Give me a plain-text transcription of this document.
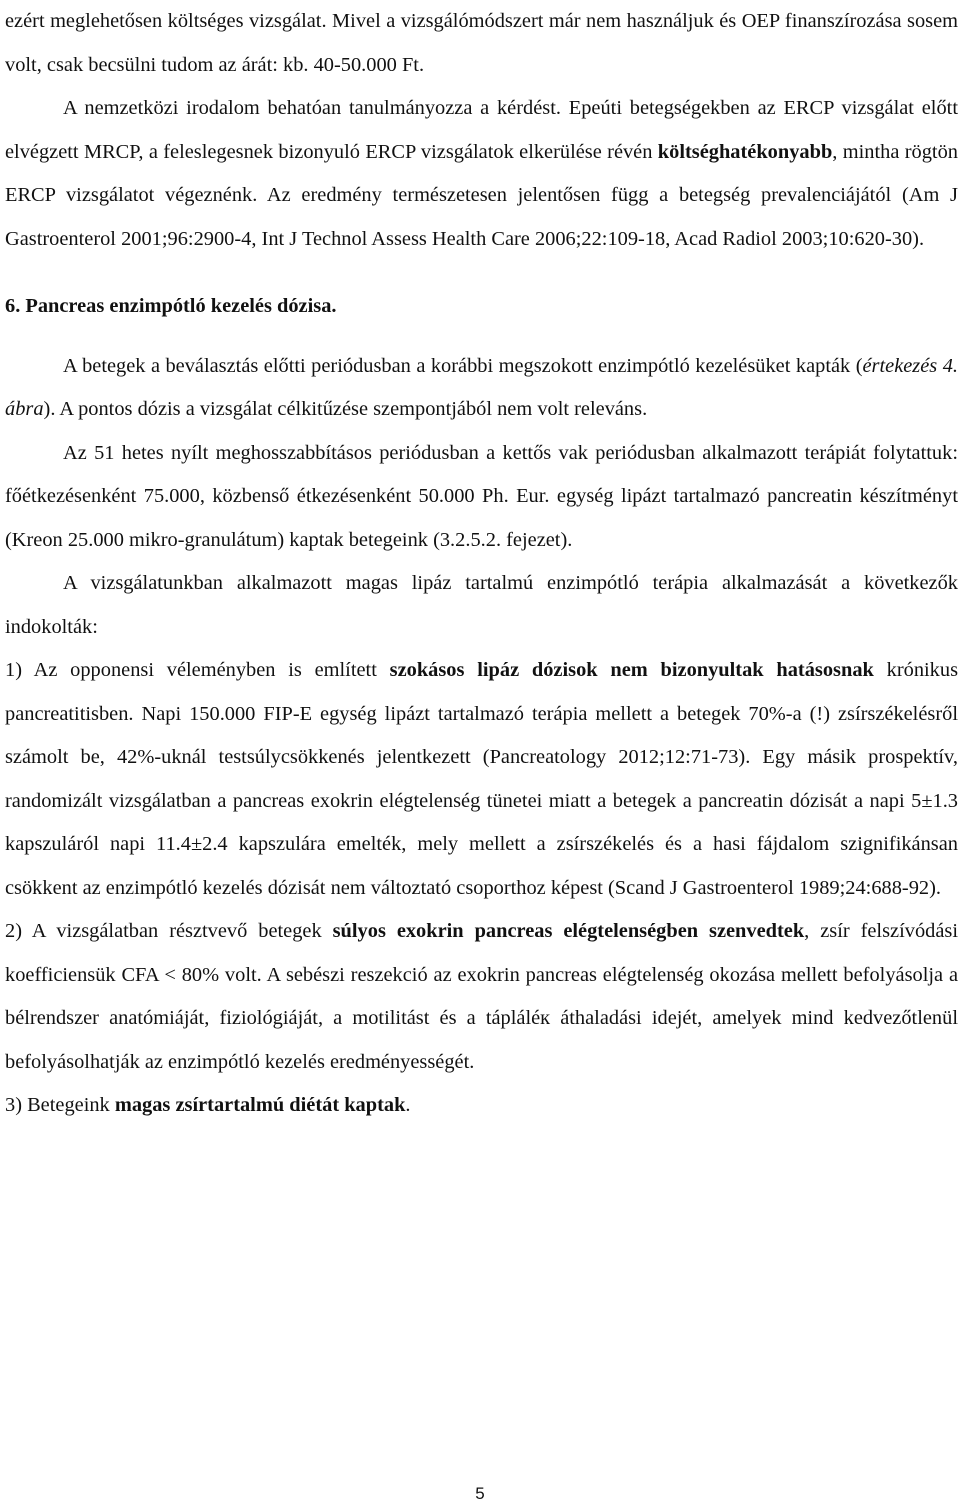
ezért meglehetősen költséges vizsgálat. Mivel a vizsgálómódszert már nem használjuk és OEP finanszírozása sosem volt, csak becsülni tudom az árát: kb. 40-50.000 Ft.

A nemzetközi irodalom behatóan tanulmányozza a kérdést. Epeúti betegségekben az ERCP vizsgálat előtt elvégzett MRCP, a feleslegesnek bizonyuló ERCP vizsgálatok elkerülése révén költséghatékonyabb, mintha rögtön ERCP vizsgálatot végeznénk. Az eredmény természetesen jelentősen függ a betegség prevalenciájától (Am J Gastroenterol 2001;96:2900-4, Int J Technol Assess Health Care 2006;22:109-18, Acad Radiol 2003;10:620-30).

6. Pancreas enzimpótló kezelés dózisa.

A betegek a beválasztás előtti periódusban a korábbi megszokott enzimpótló kezelésüket kapták (értekezés 4. ábra). A pontos dózis a vizsgálat célkitűzése szempontjából nem volt releváns.

Az 51 hetes nyílt meghosszabbításos periódusban a kettős vak periódusban alkalmazott terápiát folytattuk: főétkezésenként 75.000, közbenső étkezésenként 50.000 Ph. Eur. egység lipázt tartalmazó pancreatin készítményt (Kreon 25.000 mikro-granulátum) kaptak betegeink (3.2.5.2. fejezet).

A vizsgálatunkban alkalmazott magas lipáz tartalmú enzimpótló terápia alkalmazását a következők indokolták:

1) Az opponensi véleményben is említett szokásos lipáz dózisok nem bizonyultak hatásosnak krónikus pancreatitisben. Napi 150.000 FIP-E egység lipázt tartalmazó terápia mellett a betegek 70%-a (!) zsírszékelésről számolt be, 42%-uknál testsúlycsökkenés jelentkezett (Pancreatology 2012;12:71-73). Egy másik prospektív, randomizált vizsgálatban a pancreas exokrin elégtelenség tünetei miatt a betegek a pancreatin dózisát a napi 5±1.3 kapszuláról napi 11.4±2.4 kapszulára emelték, mely mellett a zsírszékelés és a hasi fájdalom szignifikánsan csökkent az enzimpótló kezelés dózisát nem változtató csoporthoz képest (Scand J Gastroenterol 1989;24:688-92).

2) A vizsgálatban résztvevő betegek súlyos exokrin pancreas elégtelenségben szenvedtek, zsír felszívódási koefficiensük CFA < 80% volt. A sebészi reszekció az exokrin pancreas elégtelenség okozása mellett befolyásolja a bélrendszer anatómiáját, fiziológiáját, a motilitást és a tápláléк áthaladási idejét, amelyek mind kedvezőtlenül befolyásolhatják az enzimpótló kezelés eredményességét.

3) Betegeink magas zsírtartalmú diétát kaptak.

5
